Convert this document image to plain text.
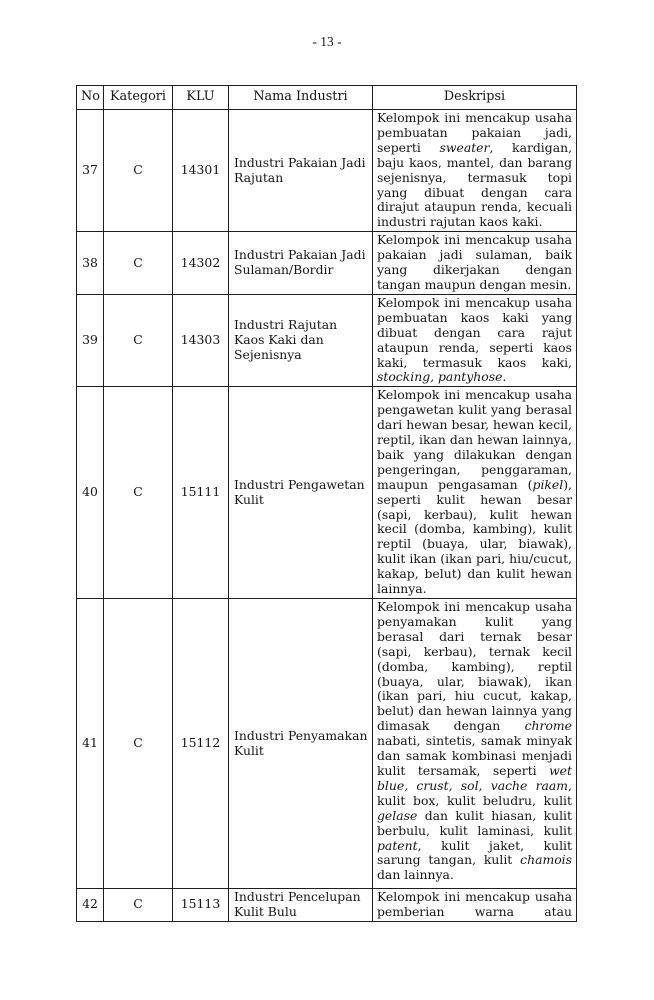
- 13 -
No	Kategori	KLU	Nama Industri	Deskripsi
37	C	14301	Industri Pakaian Jadi Rajutan	Kelompok ini mencakup usaha pembuatan pakaian jadi, seperti sweater, kardigan, baju kaos, mantel, dan barang sejenisnya, termasuk topi yang dibuat dengan cara dirajut ataupun renda, kecuali industri rajutan kaos kaki.
38	C	14302	Industri Pakaian Jadi Sulaman/Bordir	Kelompok ini mencakup usaha pakaian jadi sulaman, baik yang dikerjakan dengan tangan maupun dengan mesin.
39	C	14303	Industri Rajutan Kaos Kaki dan Sejenisnya	Kelompok ini mencakup usaha pembuatan kaos kaki yang dibuat dengan cara rajut ataupun renda, seperti kaos kaki, termasuk kaos kaki, stocking, pantyhose.
40	C	15111	Industri Pengawetan Kulit	Kelompok ini mencakup usaha pengawetan kulit yang berasal dari hewan besar, hewan kecil, reptil, ikan dan hewan lainnya, baik yang dilakukan dengan pengeringan, penggaraman, maupun pengasaman (pikel), seperti kulit hewan besar (sapi, kerbau), kulit hewan kecil (domba, kambing), kulit reptil (buaya, ular, biawak), kulit ikan (ikan pari, hiu/cucut, kakap, belut) dan kulit hewan lainnya.
41	C	15112	Industri Penyamakan Kulit	Kelompok ini mencakup usaha penyamakan kulit yang berasal dari ternak besar (sapi, kerbau), ternak kecil (domba, kambing), reptil (buaya, ular, biawak), ikan (ikan pari, hiu cucut, kakap, belut) dan hewan lainnya yang dimasak dengan chrome nabati, sintetis, samak minyak dan samak kombinasi menjadi kulit tersamak, seperti wet blue, crust, sol, vache raam, kulit box, kulit beludru, kulit gelase dan kulit hiasan, kulit berbulu, kulit laminasi, kulit patent, kulit jaket, kulit sarung tangan, kulit chamois dan lainnya.
42	C	15113	Industri Pencelupan Kulit Bulu	Kelompok ini mencakup usaha pemberian warna atau
